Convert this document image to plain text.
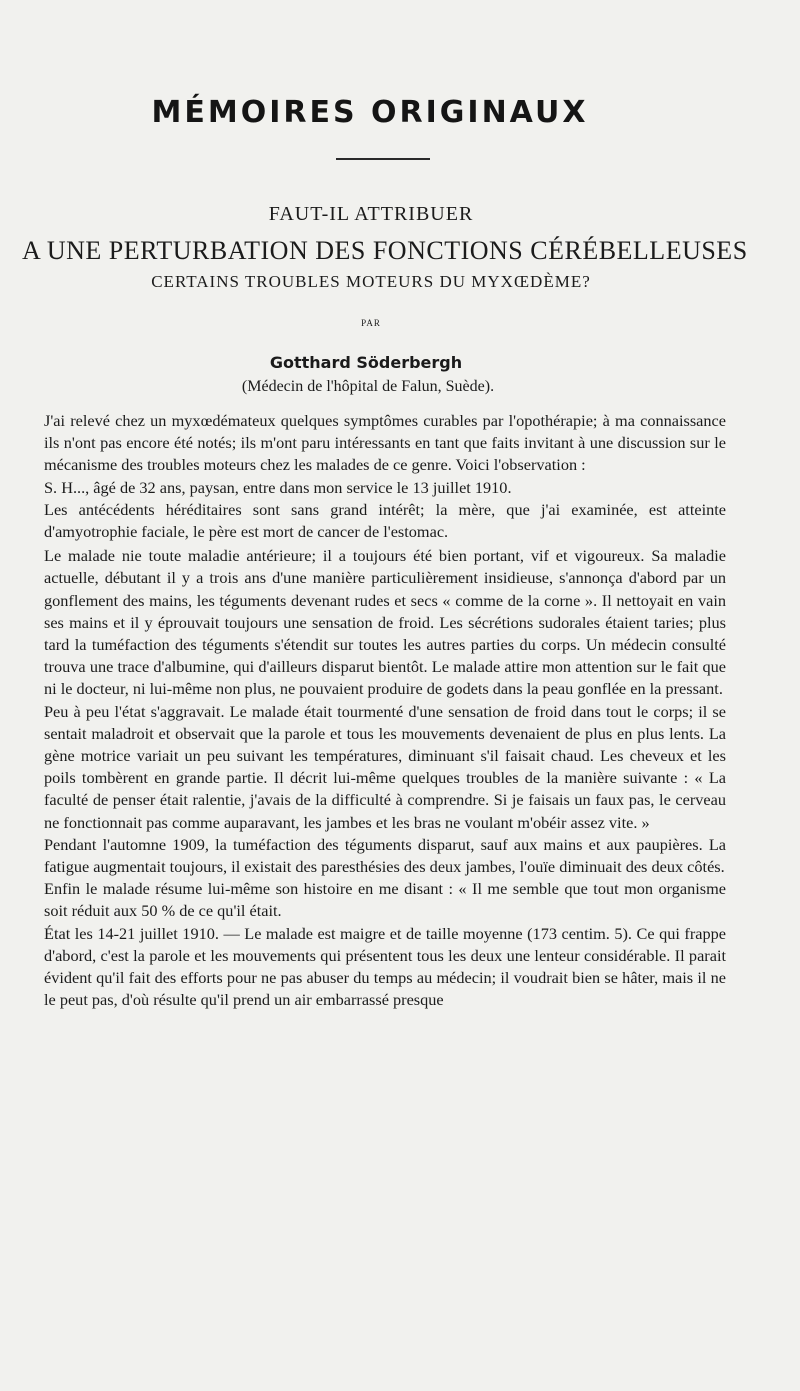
MÉMOIRES ORIGINAUX
FAUT-IL ATTRIBUER
A UNE PERTURBATION DES FONCTIONS CÉRÉBELLEUSES
CERTAINS TROUBLES MOTEURS DU MYXŒDÈME?
PAR
Gotthard Söderbergh
(Médecin de l'hôpital de Falun, Suède).

J'ai relevé chez un myxœdémateux quelques symptômes curables par l'opothérapie; à ma connaissance ils n'ont pas encore été notés; ils m'ont paru intéressants en tant que faits invitant à une discussion sur le mécanisme des troubles moteurs chez les malades de ce genre. Voici l'observation :

S. H..., âgé de 32 ans, paysan, entre dans mon service le 13 juillet 1910.

Les antécédents héréditaires sont sans grand intérêt; la mère, que j'ai examinée, est atteinte d'amyotrophie faciale, le père est mort de cancer de l'estomac.

Le malade nie toute maladie antérieure; il a toujours été bien portant, vif et vigoureux. Sa maladie actuelle, débutant il y a trois ans d'une manière particulièrement insidieuse, s'annonça d'abord par un gonflement des mains, les téguments devenant rudes et secs « comme de la corne ». Il nettoyait en vain ses mains et il y éprouvait toujours une sensation de froid. Les sécrétions sudorales étaient taries; plus tard la tuméfaction des téguments s'étendit sur toutes les autres parties du corps. Un médecin consulté trouva une trace d'albumine, qui d'ailleurs disparut bientôt. Le malade attire mon attention sur le fait que ni le docteur, ni lui-même non plus, ne pouvaient produire de godets dans la peau gonflée en la pressant.

Peu à peu l'état s'aggravait. Le malade était tourmenté d'une sensation de froid dans tout le corps; il se sentait maladroit et observait que la parole et tous les mouvements devenaient de plus en plus lents. La gène motrice variait un peu suivant les températures, diminuant s'il faisait chaud. Les cheveux et les poils tombèrent en grande partie. Il décrit lui-même quelques troubles de la manière suivante : « La faculté de penser était ralentie, j'avais de la difficulté à comprendre. Si je faisais un faux pas, le cerveau ne fonctionnait pas comme auparavant, les jambes et les bras ne voulant m'obéir assez vite. »

Pendant l'automne 1909, la tuméfaction des téguments disparut, sauf aux mains et aux paupières. La fatigue augmentait toujours, il existait des paresthésies des deux jambes, l'ouïe diminuait des deux côtés.

Enfin le malade résume lui-même son histoire en me disant : « Il me semble que tout mon organisme soit réduit aux 50 % de ce qu'il était.

État les 14-21 juillet 1910. — Le malade est maigre et de taille moyenne (173 centim. 5). Ce qui frappe d'abord, c'est la parole et les mouvements qui présentent tous les deux une lenteur considérable. Il parait évident qu'il fait des efforts pour ne pas abuser du temps au médecin; il voudrait bien se hâter, mais il ne le peut pas, d'où résulte qu'il prend un air embarrassé presque
